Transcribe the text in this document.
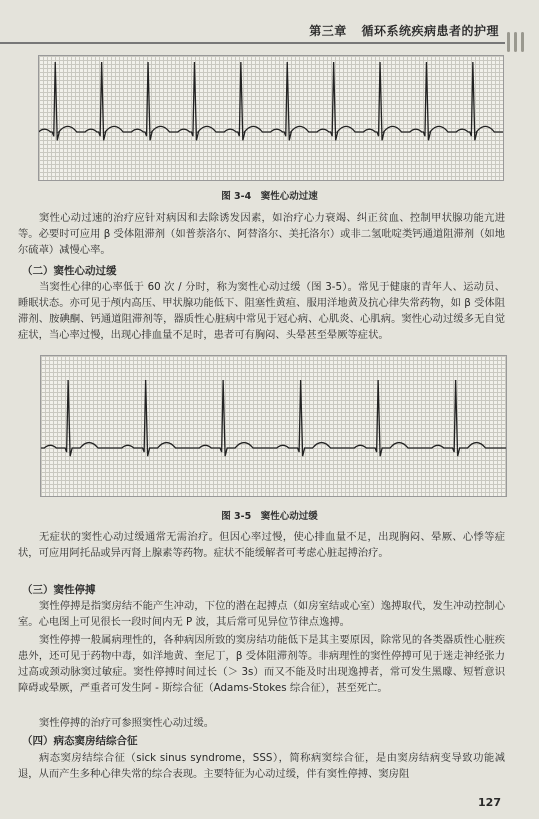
第三章 循环系统疾病患者的护理
图 3-4　窦性心动过速

窦性心动过速的治疗应针对病因和去除诱发因素，如治疗心力衰竭、纠正贫血、控制甲状腺功能亢进等。必要时可应用 β 受体阻滞剂（如普萘洛尔、阿替洛尔、美托洛尔）或非二氢吡啶类钙通道阻滞剂（如地尔硫䓬）减慢心率。

（二）窦性心动过缓

当窦性心律的心率低于 60 次 / 分时，称为窦性心动过缓（图 3-5）。常见于健康的青年人、运动员、睡眠状态。亦可见于颅内高压、甲状腺功能低下、阻塞性黄疸、服用洋地黄及抗心律失常药物，如 β 受体阻滞剂、胺碘酮、钙通道阻滞剂等，器质性心脏病中常见于冠心病、心肌炎、心肌病。窦性心动过缓多无自觉症状，当心率过慢，出现心排血量不足时，患者可有胸闷、头晕甚至晕厥等症状。

图 3-5　窦性心动过缓

无症状的窦性心动过缓通常无需治疗。但因心率过慢，使心排血量不足，出现胸闷、晕厥、心悸等症状，可应用阿托品或异丙肾上腺素等药物。症状不能缓解者可考虑心脏起搏治疗。

（三）窦性停搏

窦性停搏是指窦房结不能产生冲动，下位的潜在起搏点（如房室结或心室）逸搏取代，发生冲动控制心室。心电图上可见很长一段时间内无 P 波，其后常可见异位节律点逸搏。

窦性停搏一般属病理性的，各种病因所致的窦房结功能低下是其主要原因，除常见的各类器质性心脏疾患外，还可见于药物中毒，如洋地黄、奎尼丁，β 受体阻滞剂等。非病理性的窦性停搏可见于迷走神经张力过高或颈动脉窦过敏症。窦性停搏时间过长（＞ 3s）而又不能及时出现逸搏者，常可发生黑矇、短暂意识障碍或晕厥，严重者可发生阿 - 斯综合征（Adams-Stokes 综合征），甚至死亡。

窦性停搏的治疗可参照窦性心动过缓。

（四）病态窦房结综合征

病态窦房结综合征（sick sinus syndrome，SSS），简称病窦综合征，是由窦房结病变导致功能减退，从而产生多种心律失常的综合表现。主要特征为心动过缓，伴有窦性停搏、窦房阻

127
